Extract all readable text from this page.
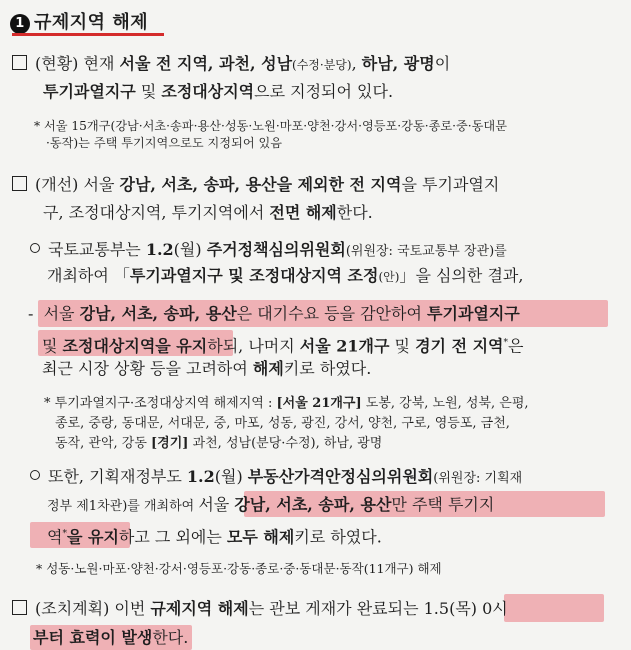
1 규제지역 해제
(현황) 현재 서울 전 지역, 과천, 성남(수정·분당), 하남, 광명이
투기과열지구 및 조정대상지역으로 지정되어 있다.
* 서울 15개구(강남·서초·송파·용산·성동·노원·마포·양천·강서·영등포·강동·종로·중·동대문
·동작)는 주택 투기지역으로도 지정되어 있음
(개선) 서울 강남, 서초, 송파, 용산을 제외한 전 지역을 투기과열지
구, 조정대상지역, 투기지역에서 전면 해제한다.
국토교통부는 1.2(월) 주거정책심의위원회(위원장: 국토교통부 장관)를
개최하여 「투기과열지구 및 조정대상지역 조정(안)」을 심의한 결과,
- 서울 강남, 서초, 송파, 용산은 대기수요 등을 감안하여 투기과열지구
및 조정대상지역을 유지하되, 나머지 서울 21개구 및 경기 전 지역*은
최근 시장 상황 등을 고려하여 해제키로 하였다.
* 투기과열지구·조정대상지역 해제지역 : [서울 21개구] 도봉, 강북, 노원, 성북, 은평,
종로, 중랑, 동대문, 서대문, 중, 마포, 성동, 광진, 강서, 양천, 구로, 영등포, 금천,
동작, 관악, 강동 [경기] 과천, 성남(분당·수정), 하남, 광명
또한, 기획재정부도 1.2(월) 부동산가격안정심의위원회(위원장: 기획재
정부 제1차관)를 개최하여 서울 강남, 서초, 송파, 용산만 주택 투기지
역*을 유지하고 그 외에는 모두 해제키로 하였다.
* 성동·노원·마포·양천·강서·영등포·강동·종로·중·동대문·동작(11개구) 해제
(조치계획) 이번 규제지역 해제는 관보 게재가 완료되는 1.5(목) 0시
부터 효력이 발생한다.
